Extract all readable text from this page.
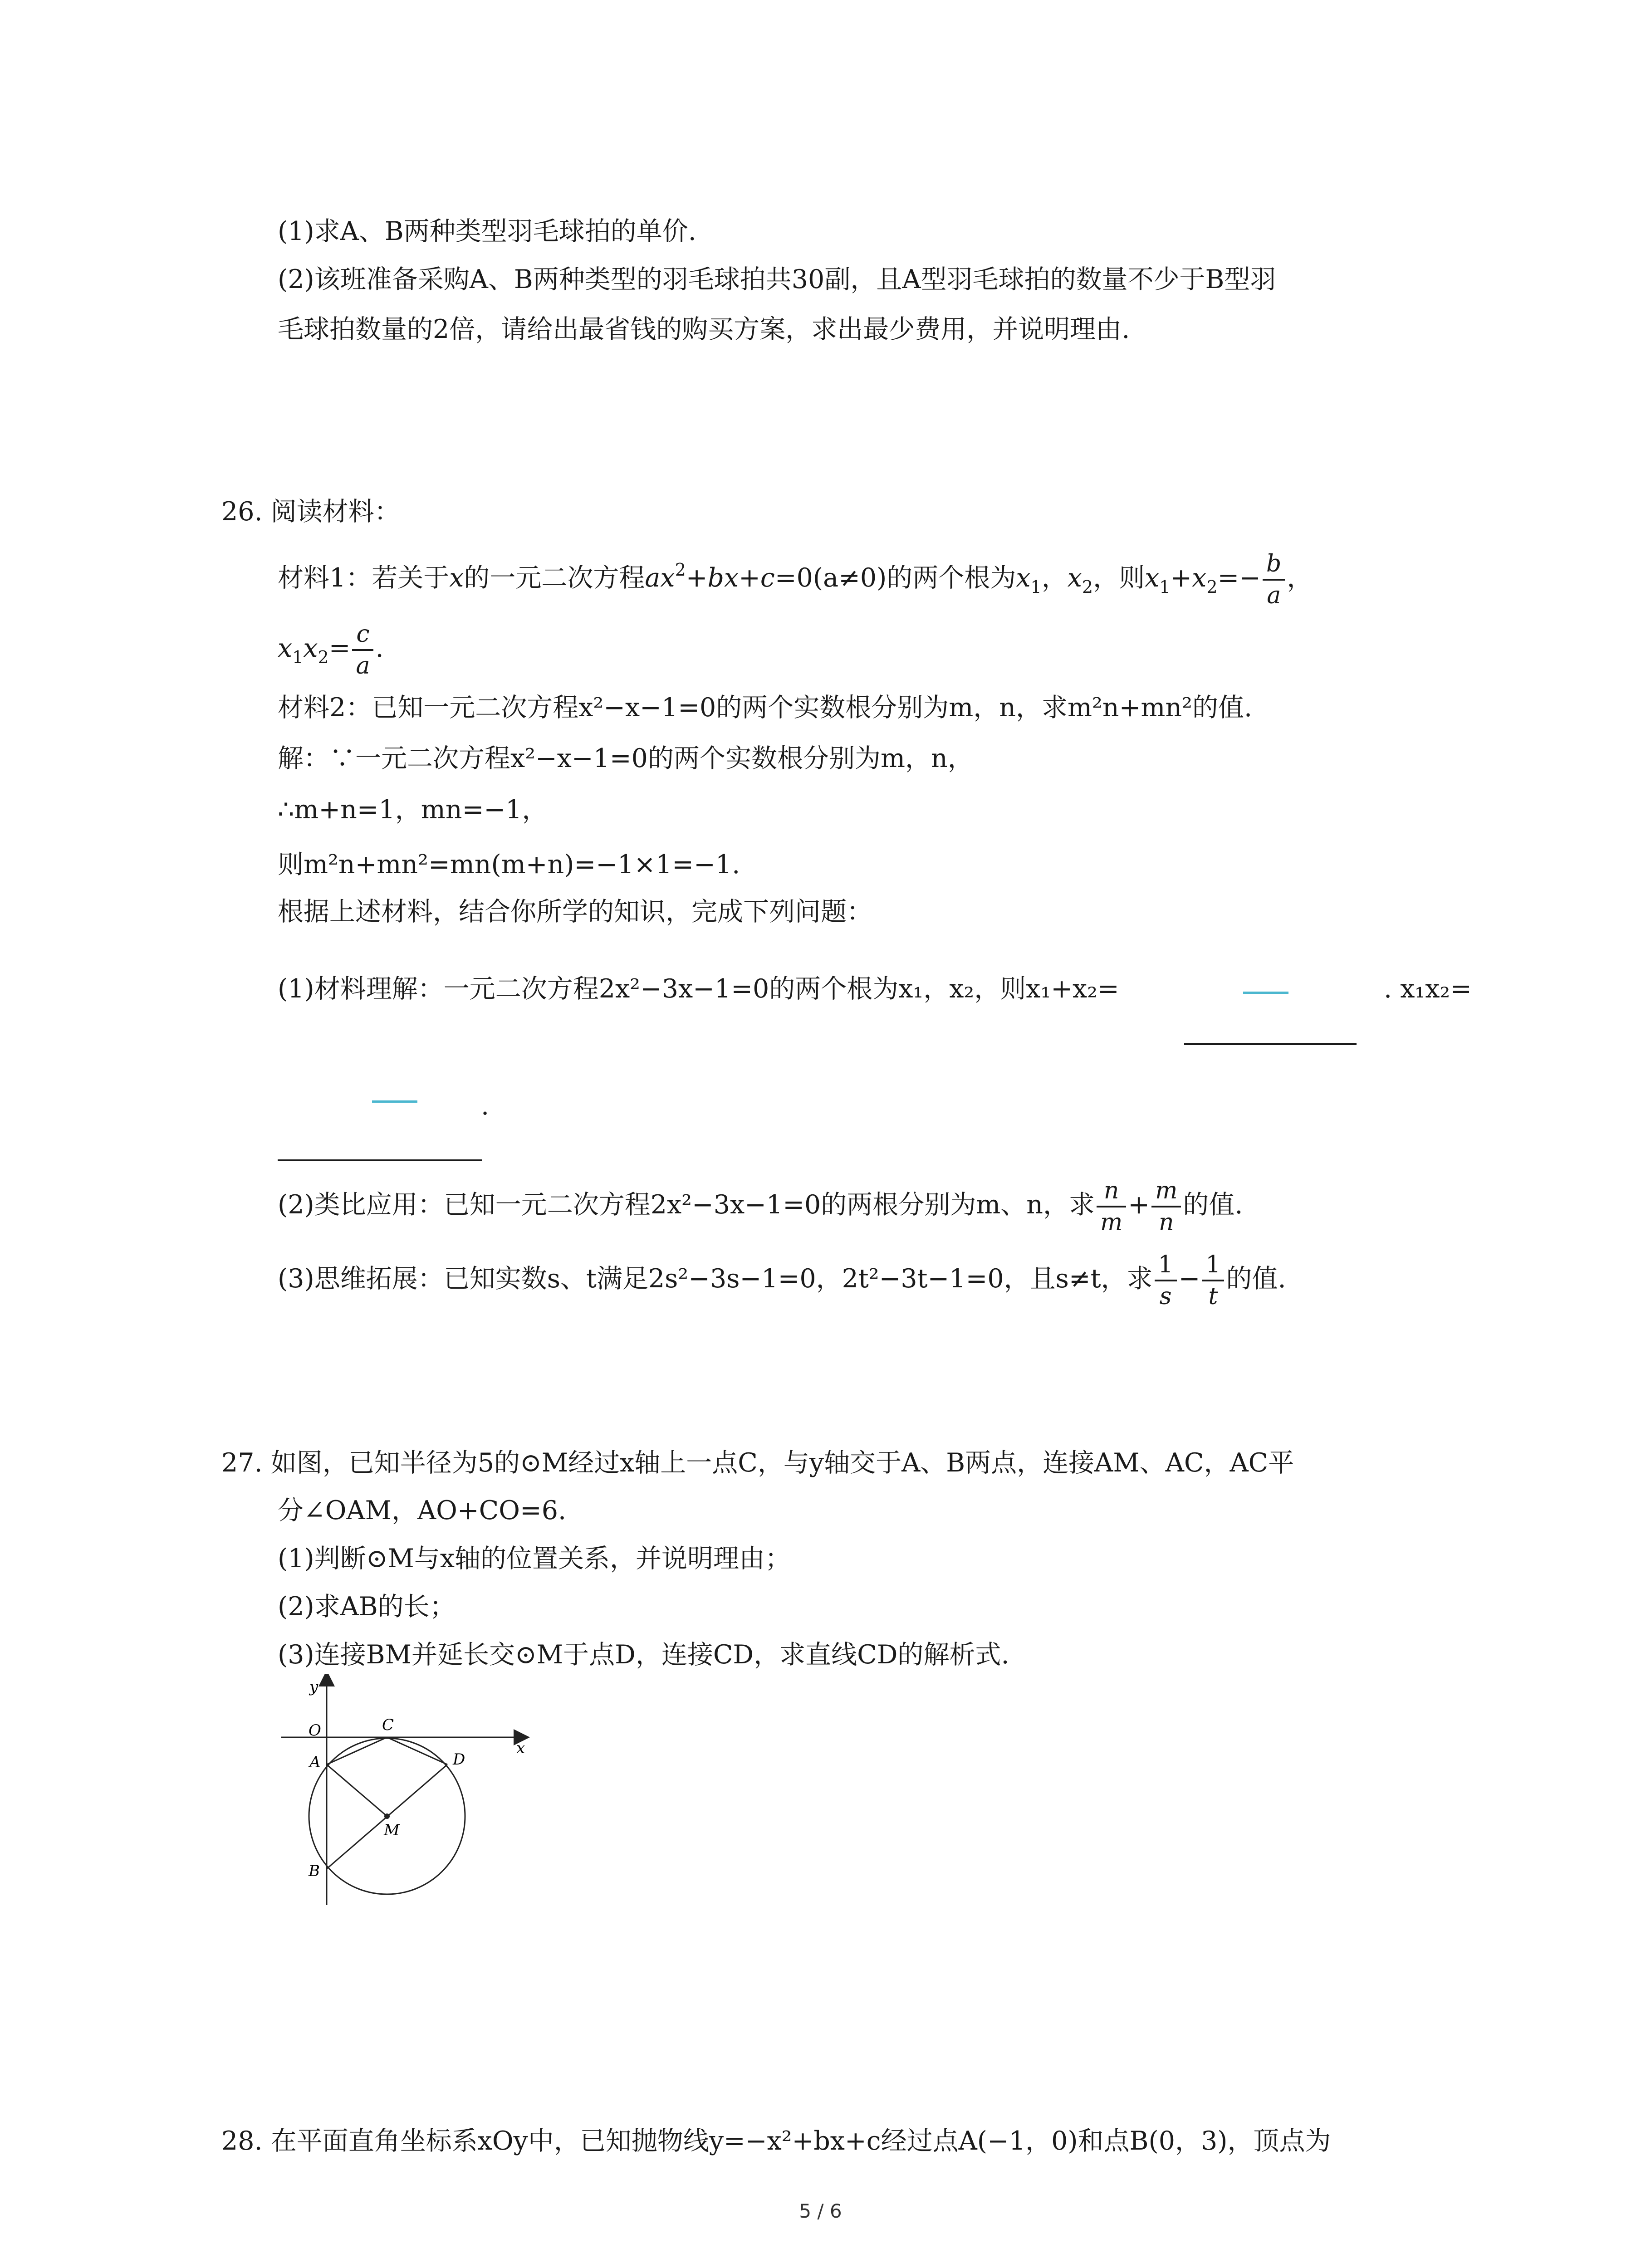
(1)求A、B两种类型羽毛球拍的单价.
(2)该班准备采购A、B两种类型的羽毛球拍共30副，且A型羽毛球拍的数量不少于B型羽
毛球拍数量的2倍，请给出最省钱的购买方案，求出最少费用，并说明理由.
26. 阅读材料：
材料1：若关于x的一元二次方程$ax^2+bx+c=0(a\ne 0)$的两个根为$x_1$，$x_2$，则$x_1+x_2=- \frac{b}{a}$ ，
$x_1x_2= \frac{c}{a}$ .
材料2：已知一元二次方程x²−x−1=0的两个实数根分别为m，n，求m²n+mn²的值.
解：∵一元二次方程x²−x−1=0的两个实数根分别为m，n，
∴m+n=1，mn=−1，
则m²n+mn²=mn(m+n)=−1×1=−1.
根据上述材料，结合你所学的知识，完成下列问题：
(1)材料理解：一元二次方程2x²−3x−1=0的两个根为x₁，x₂，则x₁+x₂=	. x₁x₂=
.
(2)类比应用：已知一元二次方程2x²−3x−1=0的两根分别为m、n，求 $\frac{n}{m} + \frac{m}{n}$ 的值.
(3)思维拓展：已知实数s、t满足2s²−3s−1=0，2t²−3t−1=0，且s≠t，求 $\frac{1}{s} - \frac{1}{t}$ 的值.
27. 如图，已知半径为5的⊙M经过x轴上一点C，与y轴交于A、B两点，连接AM、AC，AC平
分∠OAM，AO+CO=6.
(1)判断⊙M与x轴的位置关系，并说明理由；
(2)求AB的长；
(3)连接BM并延长交⊙M于点D，连接CD，求直线CD的解析式.
y
x
O	C
A	D
M
B
28. 在平面直角坐标系xOy中，已知抛物线y=−x²+bx+c经过点A(−1，0)和点B(0，3)，顶点为
5 / 6
